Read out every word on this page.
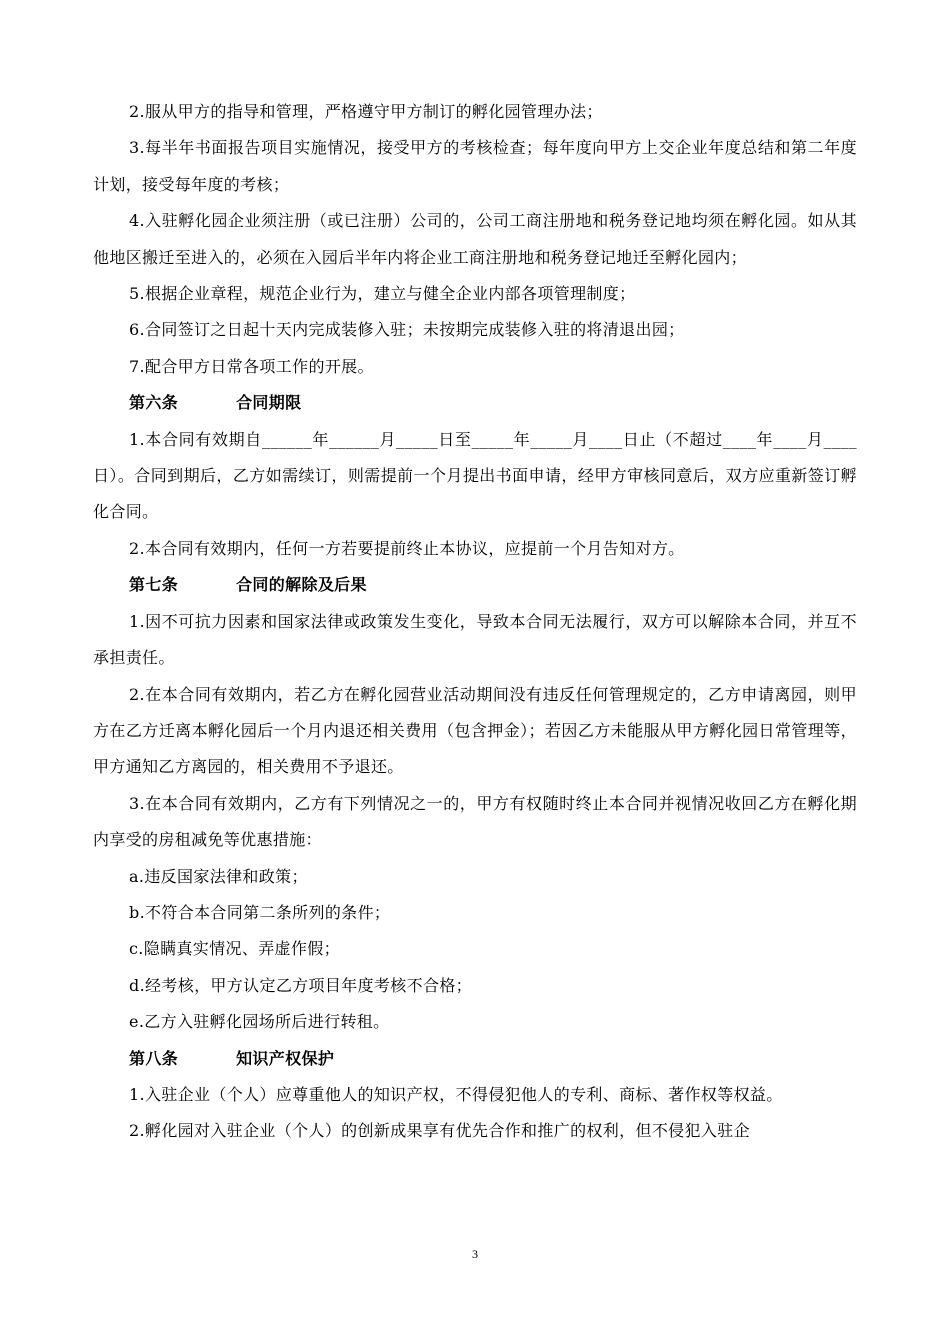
2.服从甲方的指导和管理，严格遵守甲方制订的孵化园管理办法；

3.每半年书面报告项目实施情况，接受甲方的考核检查；每年度向甲方上交企业年度总结和第二年度计划，接受每年度的考核；

4.入驻孵化园企业须注册（或已注册）公司的，公司工商注册地和税务登记地均须在孵化园。如从其他地区搬迁至进入的，必须在入园后半年内将企业工商注册地和税务登记地迁至孵化园内；

5.根据企业章程，规范企业行为，建立与健全企业内部各项管理制度；

6.合同签订之日起十天内完成装修入驻；未按期完成装修入驻的将清退出园；

7.配合甲方日常各项工作的开展。

第六条	合同期限

1.本合同有效期自______年______月_____日至_____年_____月____日止（不超过____年____月____日）。合同到期后，乙方如需续订，则需提前一个月提出书面申请，经甲方审核同意后，双方应重新签订孵化合同。

2.本合同有效期内，任何一方若要提前终止本协议，应提前一个月告知对方。

第七条	合同的解除及后果

1.因不可抗力因素和国家法律或政策发生变化，导致本合同无法履行，双方可以解除本合同，并互不承担责任。

2.在本合同有效期内，若乙方在孵化园营业活动期间没有违反任何管理规定的，乙方申请离园，则甲方在乙方迁离本孵化园后一个月内退还相关费用（包含押金）；若因乙方未能服从甲方孵化园日常管理等，甲方通知乙方离园的，相关费用不予退还。

3.在本合同有效期内，乙方有下列情况之一的，甲方有权随时终止本合同并视情况收回乙方在孵化期内享受的房租减免等优惠措施：

a.违反国家法律和政策；

b.不符合本合同第二条所列的条件；

c.隐瞒真实情况、弄虚作假；

d.经考核，甲方认定乙方项目年度考核不合格；

e.乙方入驻孵化园场所后进行转租。

第八条	知识产权保护

1.入驻企业（个人）应尊重他人的知识产权，不得侵犯他人的专利、商标、著作权等权益。

2.孵化园对入驻企业（个人）的创新成果享有优先合作和推广的权利，但不侵犯入驻企

3
